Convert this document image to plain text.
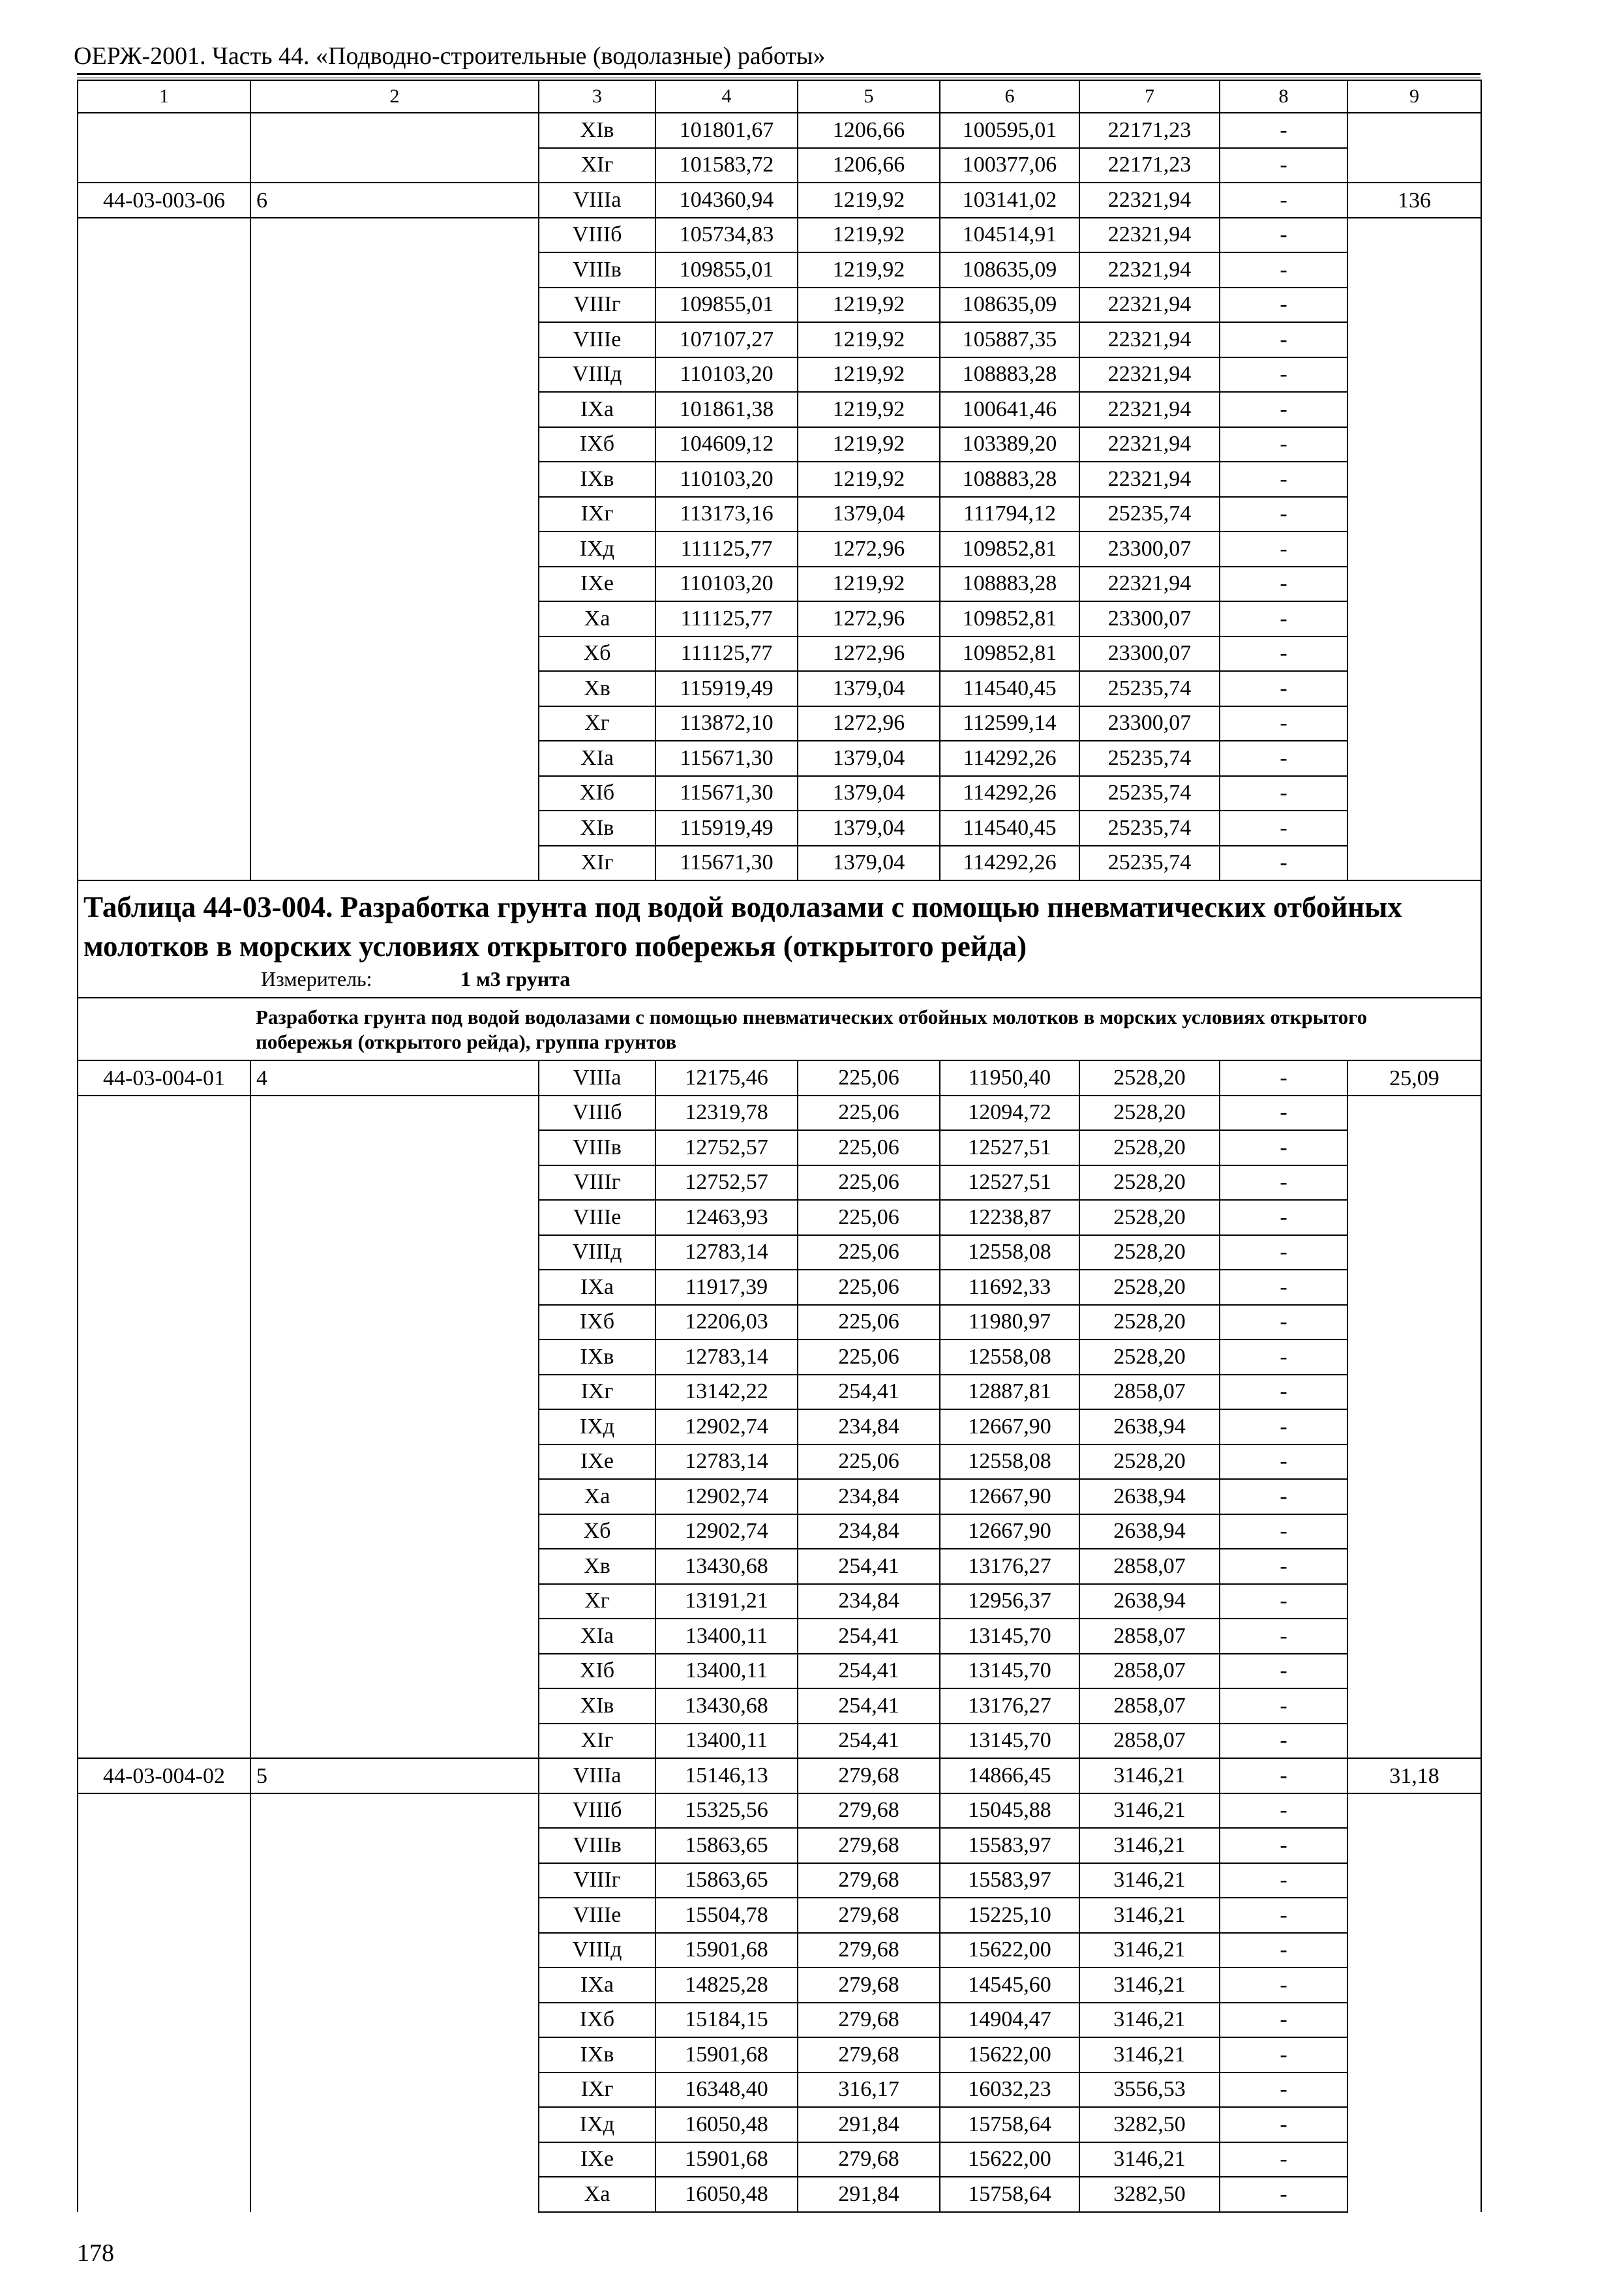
ОЕРЖ-2001. Часть 44. «Подводно-строительные (водолазные) работы»
1	2	3	4	5	6	7	8	9
		XIв	101801,67	1206,66	100595,01	22171,23	-	
		XIг	101583,72	1206,66	100377,06	22171,23	-	
44-03-003-06	6	VIIIa	104360,94	1219,92	103141,02	22321,94	-	136
		VIIIб	105734,83	1219,92	104514,91	22321,94	-	
		VIIIв	109855,01	1219,92	108635,09	22321,94	-	
		VIIIг	109855,01	1219,92	108635,09	22321,94	-	
		VIIIe	107107,27	1219,92	105887,35	22321,94	-	
		VIIIд	110103,20	1219,92	108883,28	22321,94	-	
		IXa	101861,38	1219,92	100641,46	22321,94	-	
		IXб	104609,12	1219,92	103389,20	22321,94	-	
		IXв	110103,20	1219,92	108883,28	22321,94	-	
		IXг	113173,16	1379,04	111794,12	25235,74	-	
		IXд	111125,77	1272,96	109852,81	23300,07	-	
		IXe	110103,20	1219,92	108883,28	22321,94	-	
		Xa	111125,77	1272,96	109852,81	23300,07	-	
		Xб	111125,77	1272,96	109852,81	23300,07	-	
		Xв	115919,49	1379,04	114540,45	25235,74	-	
		Xг	113872,10	1272,96	112599,14	23300,07	-	
		XIa	115671,30	1379,04	114292,26	25235,74	-	
		XIб	115671,30	1379,04	114292,26	25235,74	-	
		XIв	115919,49	1379,04	114540,45	25235,74	-	
		XIг	115671,30	1379,04	114292,26	25235,74	-	

Таблица 44-03-004. Разработка грунта под водой водолазами с помощью пневматических отбойных молотков в морских условиях открытого побережья (открытого рейда)
Измеритель: 1 м3 грунта								

Разработка грунта под водой водолазами с помощью пневматических отбойных молотков в морских условиях открытого побережья (открытого рейда), группа грунтов								

44-03-004-01	4	VIIIa	12175,46	225,06	11950,40	2528,20	-	25,09
		VIIIб	12319,78	225,06	12094,72	2528,20	-	
		VIIIв	12752,57	225,06	12527,51	2528,20	-	
		VIIIг	12752,57	225,06	12527,51	2528,20	-	
		VIIIe	12463,93	225,06	12238,87	2528,20	-	
		VIIIд	12783,14	225,06	12558,08	2528,20	-	
		IXa	11917,39	225,06	11692,33	2528,20	-	
		IXб	12206,03	225,06	11980,97	2528,20	-	
		IXв	12783,14	225,06	12558,08	2528,20	-	
		IXг	13142,22	254,41	12887,81	2858,07	-	
		IXд	12902,74	234,84	12667,90	2638,94	-	
		IXe	12783,14	225,06	12558,08	2528,20	-	
		Xa	12902,74	234,84	12667,90	2638,94	-	
		Xб	12902,74	234,84	12667,90	2638,94	-	
		Xв	13430,68	254,41	13176,27	2858,07	-	
		Xг	13191,21	234,84	12956,37	2638,94	-	
		XIa	13400,11	254,41	13145,70	2858,07	-	
		XIб	13400,11	254,41	13145,70	2858,07	-	
		XIв	13430,68	254,41	13176,27	2858,07	-	
		XIг	13400,11	254,41	13145,70	2858,07	-	
44-03-004-02	5	VIIIa	15146,13	279,68	14866,45	3146,21	-	31,18
		VIIIб	15325,56	279,68	15045,88	3146,21	-	
		VIIIв	15863,65	279,68	15583,97	3146,21	-	
		VIIIг	15863,65	279,68	15583,97	3146,21	-	
		VIIIe	15504,78	279,68	15225,10	3146,21	-	
		VIIIд	15901,68	279,68	15622,00	3146,21	-	
		IXa	14825,28	279,68	14545,60	3146,21	-	
		IXб	15184,15	279,68	14904,47	3146,21	-	
		IXв	15901,68	279,68	15622,00	3146,21	-	
		IXг	16348,40	316,17	16032,23	3556,53	-	
		IXд	16050,48	291,84	15758,64	3282,50	-	
		IXe	15901,68	279,68	15622,00	3146,21	-	
		Xa	16050,48	291,84	15758,64	3282,50	-	
178
